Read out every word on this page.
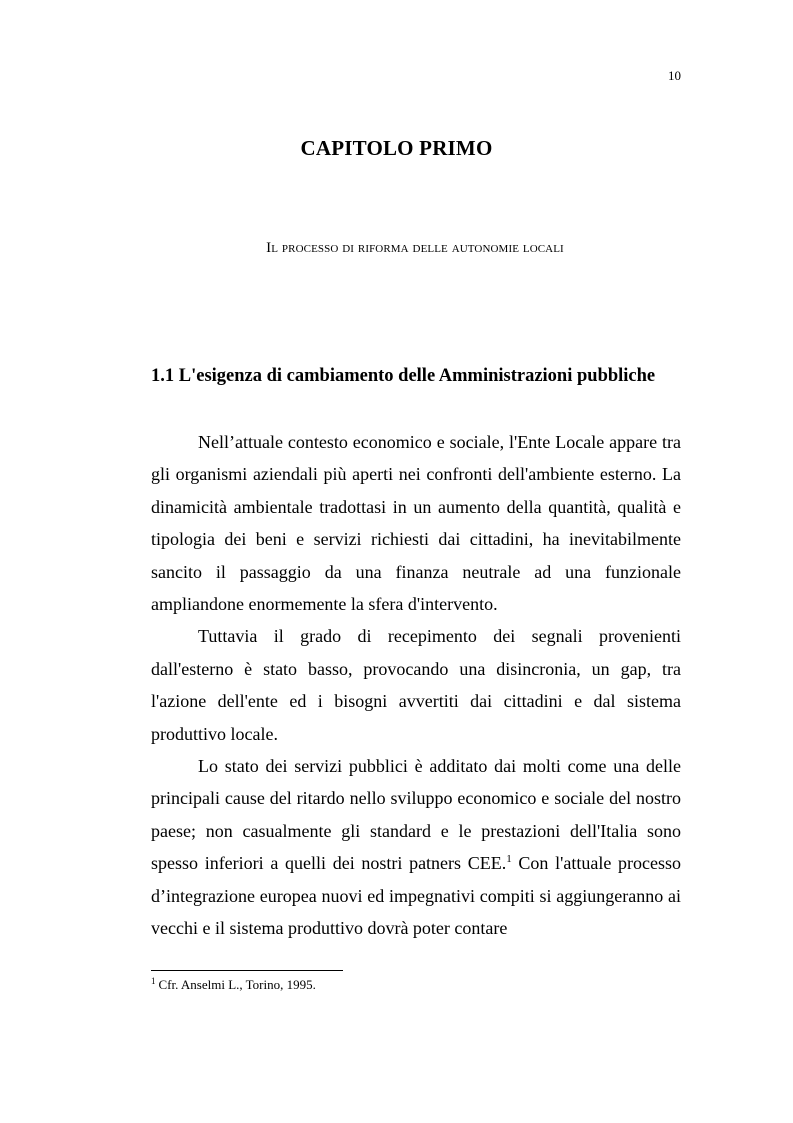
10
CAPITOLO PRIMO
Il processo di riforma delle autonomie locali
1.1 L'esigenza di cambiamento delle Amministrazioni pubbliche

Nell’attuale contesto economico e sociale, l'Ente Locale appare tra gli organismi aziendali più aperti nei confronti dell'ambiente esterno. La dinamicità ambientale tradottasi in un aumento della quantità, qualità e tipologia dei beni e servizi richiesti dai cittadini, ha inevitabilmente sancito il passaggio da una finanza neutrale ad una funzionale ampliandone enormemente la sfera d'intervento.

Tuttavia il grado di recepimento dei segnali provenienti dall'esterno è stato basso, provocando una disincronia, un gap, tra l'azione dell'ente ed i bisogni avvertiti dai cittadini e dal sistema produttivo locale.

Lo stato dei servizi pubblici è additato dai molti come una delle principali cause del ritardo nello sviluppo economico e sociale del nostro paese; non casualmente gli standard e le prestazioni dell'Italia sono spesso inferiori a quelli dei nostri patners CEE.$^1$ Con l'attuale processo d’integrazione europea nuovi ed impegnativi compiti si aggiungeranno ai vecchi e il sistema produttivo dovrà poter contare

$^1$ Cfr. Anselmi L., Torino, 1995.
